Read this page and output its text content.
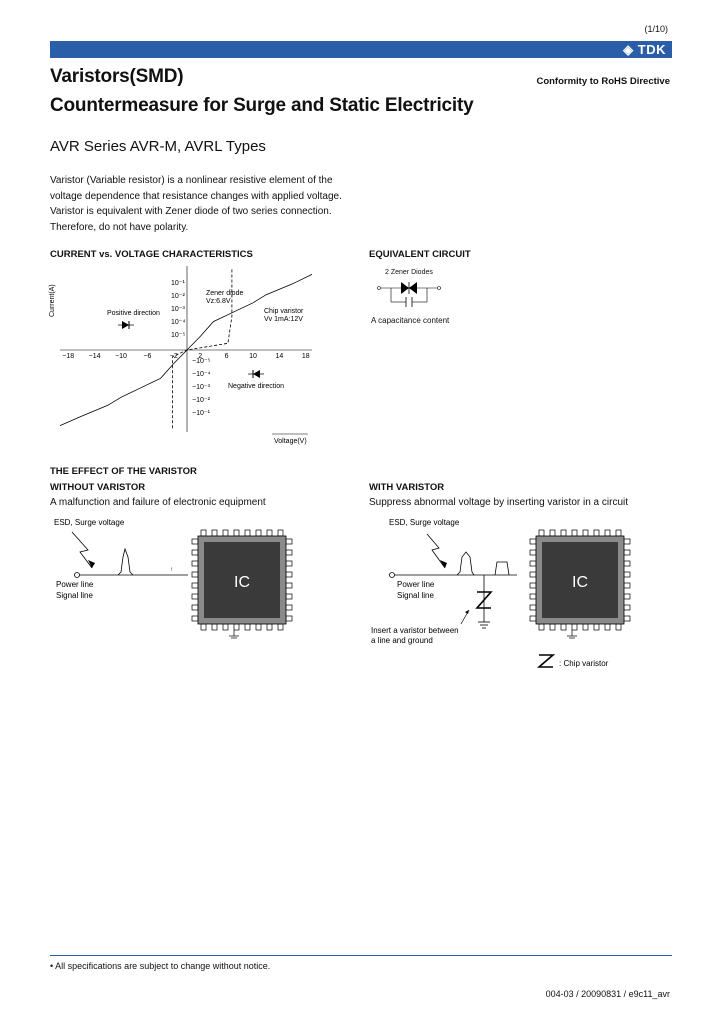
(1/10)
◈ TDK
Varistors(SMD)
Countermeasure for Surge and Static Electricity
Conformity to RoHS Directive
AVR Series AVR-M, AVRL Types
Varistor (Variable resistor) is a nonlinear resistive element of the
voltage dependence that resistance changes with applied voltage.
Varistor is equivalent with Zener diode of two series connection.
Therefore, do not have polarity.
CURRENT vs. VOLTAGE CHARACTERISTICS
−18 −14 −10 −6	−2	2	6	10	14	18
Current(A)
10⁻¹
10⁻²
10⁻³
10⁻⁴
10⁻⁵
−10⁻⁵
−10⁻⁴
−10⁻³
−10⁻²
−10⁻¹
Positive direction
Zener diode
Vz:6.8V
Chip varistor
Vv 1mA:12V
Negative direction
Voltage(V)
EQUIVALENT CIRCUIT
2 Zener Diodes
A capacitance content
THE EFFECT OF THE VARISTOR
WITHOUT VARISTOR
A malfunction and failure of electronic equipment
WITH VARISTOR
Suppress abnormal voltage by inserting varistor in a circuit
ESD, Surge voltage
↑
Power line
Signal line
IC
ESD, Surge voltage
Power line
Signal line
Insert a varistor between
a line and ground
IC
: Chip varistor
• All specifications are subject to change without notice.
004-03 / 20090831 / e9c11_avr
